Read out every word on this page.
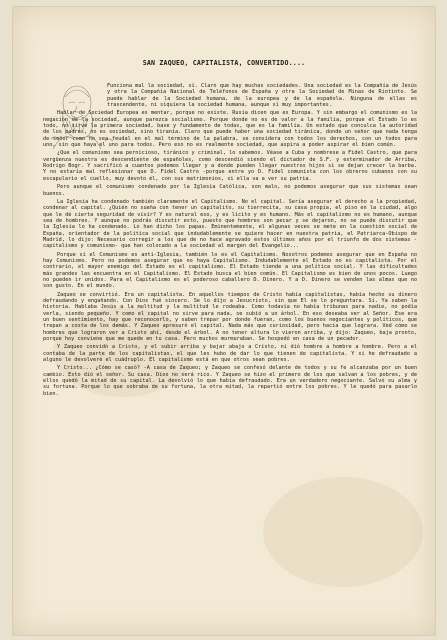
SAN ZAQUEO, CAPITALISTA, CONVERTIDO....

Funciona mal la sociedad, sí. Claro que hay muchas sociedades. Una sociedad es la Compañía de Jesús y otra la Compañía Nacional de Teléfonos de España y otra la Sociedad de Minas de Riotinto. Se puede hablar de la Sociedad humana, de la europea y de la española. Ninguna de ellas es trascendente, ni siquiera la sociedad humana, aunque sí muy importantes.

Hablar de Sociedad Europea es mentar, porque no existe. Rusia dicen que es Europa. Y sin embargo el comunismo es la negación de la sociedad, aunque parezca socialismo. Porque donde no es de valor a la familia, porque el Estado lo es todo, no sirve la primera sociedad, base y fundamento de todas, que es la familia. Un estado que conculca la autoridad de los padres, no es sociedad, sino tiranía. Claro que puede haber una sociedad tiránica, donde un señor que nada tenga de señor como no sea feudal en el mal término de la palabra, se considera con todos los derechos, con un todos para uno, sin que haya el uno para todos. Pero eso no es realmente sociedad, que aspira a poder aspirar el bien común.

¿Que el comunismo sea pernicioso, tiránico y criminal, lo sabemos. Véase a Cuba y nombrese a Fidel Castro, que para vergüenza nuestra es descendiente de españoles, como descendió siendo el dictador de S.F. y exterminador de Arriba, Rodrigo Bogr. Y sacrificó a cuantos podemos llegar y a donde pueden llegar nuestros hijos si se dejan crecer la barba. Y no estaría mal reflexionar que D. Fidel Castro -porque entre yo D. Fidel comunista con los obreros cubanos con su escapulario el cuello, muy devoto él, con sus matrimonios, si ella va a ver su patria.

Pero aunque el comunismo condenado por la Iglesia Católica, son malo, no podemos asegurar que sus sistemas sean buenos.

La Iglesia ha condenado también claramente el Capitalismo. No el capital. Sería asegurar el derecho a la propiedad, condenar al capital. ¿Quién no sueña con tener un capitalito, su tierrecita, su casa propia, el piso en la ciudad, algo que le dé cierta seguridad de vivir? Y es natural eso, y es lícito y es humano. Más el capitalismo no es humano, aunque sea de hombres. Y aunque no podrás discutir esto, puesto que hombres son pecar y se dejaron, no se puede discutir que la Iglesia lo ha condenado. Lo han dicho los papas. Eminentemente, el algunas veces se mete en la cuestión social de España, orientador de la política social que indudablemente se quiere hacer en nuestra patria, el Patriarca-Obispo de Madrid, lo dijo: Necesario corregir a los que de no hace agravado estos últimos años por el triunfo de dos sistemas -capitalismo y comunismo- que han colocado a la sociedad al margen del Evangelio...

Porque si el Comunismo es anti-Iglesia, también lo es el Capitalismo. Nosotros podemos asegurar que en España no hay Comunismo. Pero no podemos asegurar que no haya Capitalismo. Indudablemente el Estado no es capitalista. Por el contrario, el mayor enemigo del Estado es el capitalismo. El Estado tiende a una política social. Y las dificultades más grandes las encuentra en el Capitalismo. El Estado busca el bien común. El Capitalismo es bien de unos pocos. Luego no pueden ir unidos. Para el Capitalismo es el poderoso caballero D. Dinero. Y a D. Dinero se venden las almas que no son gusto. En el mundo.

Zaqueo se convirtió. Era un capitalista. En aquellos tiempos de Cristo había capitalistas, había hecho su dinero defraudando y engañando. Con Dios fué sincero. Se lo dijo a Jesucristo, sin que El se lo preguntara. Sí. Ya saben la historia. Hablaba Jesús a la multitud y la multitud le rodeaba. Como todavía no había tribunas para nadie, no podía verla, siendo pequeño. Y como el capital no sirve para nada, se subió a un árbol. En eso deseaba ver al Señor. Ese era un buen sentimiento, hay que reconocerlo, y saben trepar por donde fueran, como los buenos negociantes y políticos, que trepan a costa de los demás. Y Zaqueo apresuró el capital. Nada más que curiosidad, pero hacía que lograra. Ved cómo se hombres que lograron ver a Cristo ahí, desde el árbol. A no tener altura lo vieron arriba, y dijo: Zaqueo, baja pronto, porque hoy conviene que me quede en tu casa. Pero muchos murmuraban. Se hospedó en casa de un pecador.

Y Zaqueo convidó a Cristo, y el subir arriba y bajar abajo a Cristo, ni dió hombre a hombre a hombre. Pero a el contaba de la parte de los capitalistas, el que les hubo de dar lo que tienen de capitalista. Y si he defraudado a alguno le devolveré el cuádruplo. El capitalismo está en que otros sean pobres.

Y Cristo... ¿Cómo se casó? -A casa de Zaqueo; y Zaqueo se confesó delante de todos y su fe alcanzaba por un buen cambio. Esto dió el señor. Su casa. Dios no será rico. Y Zaqueo se hizo el primero de los que salvan a los pobres, y de ellos quedó la mitad de su capital. La devolvió lo que había defraudado. Era un verdadero negociante. Salvó su alma y su fortuna. Porque lo que sobraba de su fortuna, la otra mitad, la repartió entre los pobres. Y le quedó para pasarlo bien.
